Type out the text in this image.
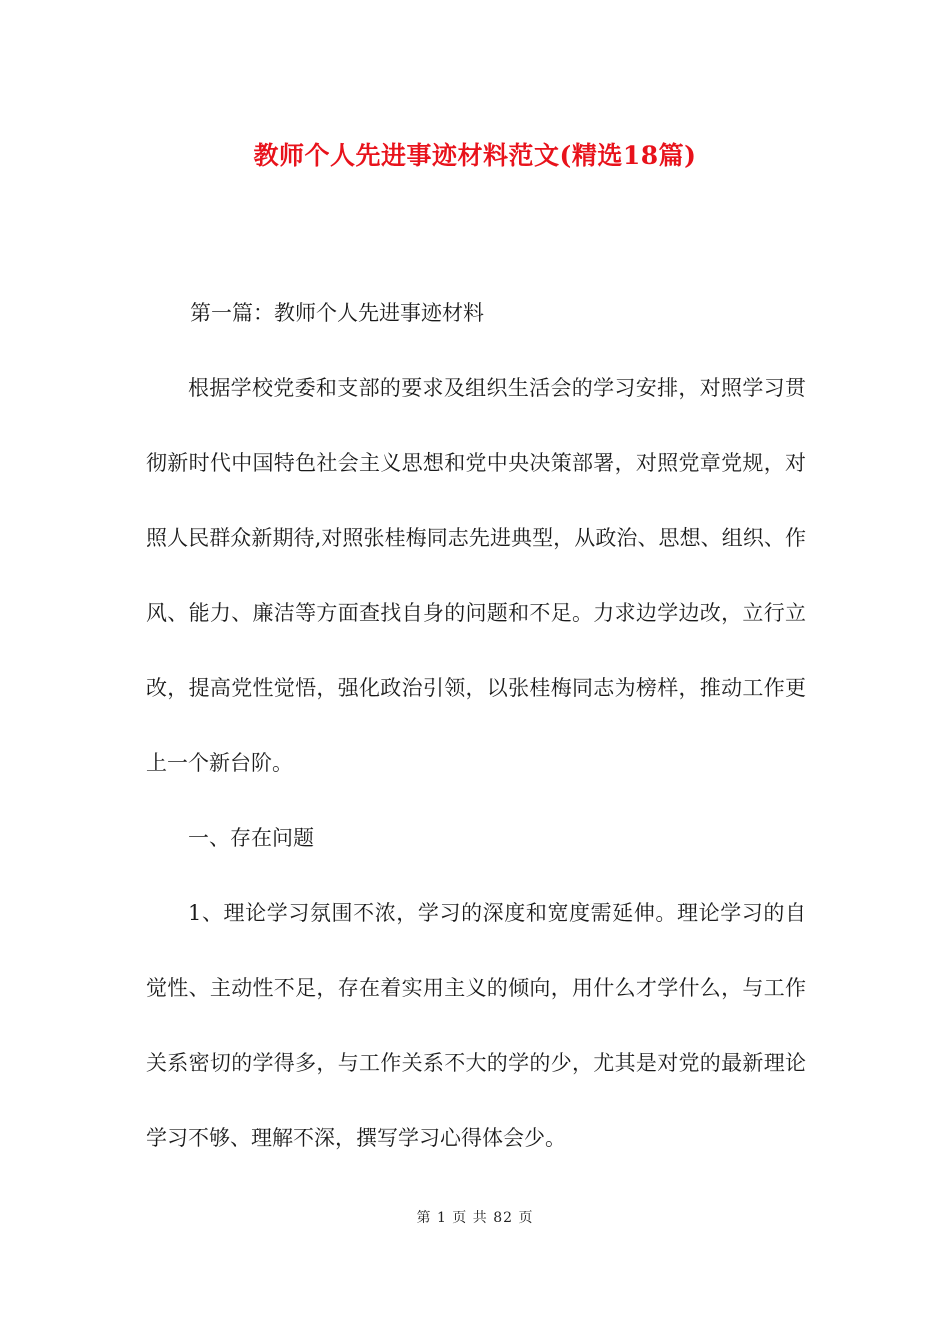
教师个人先进事迹材料范文(精选18篇)

第一篇：教师个人先进事迹材料

根据学校党委和支部的要求及组织生活会的学习安排，对照学习贯彻新时代中国特色社会主义思想和党中央决策部署，对照党章党规，对照人民群众新期待,对照张桂梅同志先进典型，从政治、思想、组织、作风、能力、廉洁等方面查找自身的问题和不足。力求边学边改，立行立改，提高党性觉悟，强化政治引领，以张桂梅同志为榜样，推动工作更上一个新台阶。

一、存在问题

1、理论学习氛围不浓，学习的深度和宽度需延伸。理论学习的自觉性、主动性不足，存在着实用主义的倾向，用什么才学什么，与工作关系密切的学得多，与工作关系不大的学的少，尤其是对党的最新理论学习不够、理解不深，撰写学习心得体会少。

第 1 页 共 82 页
